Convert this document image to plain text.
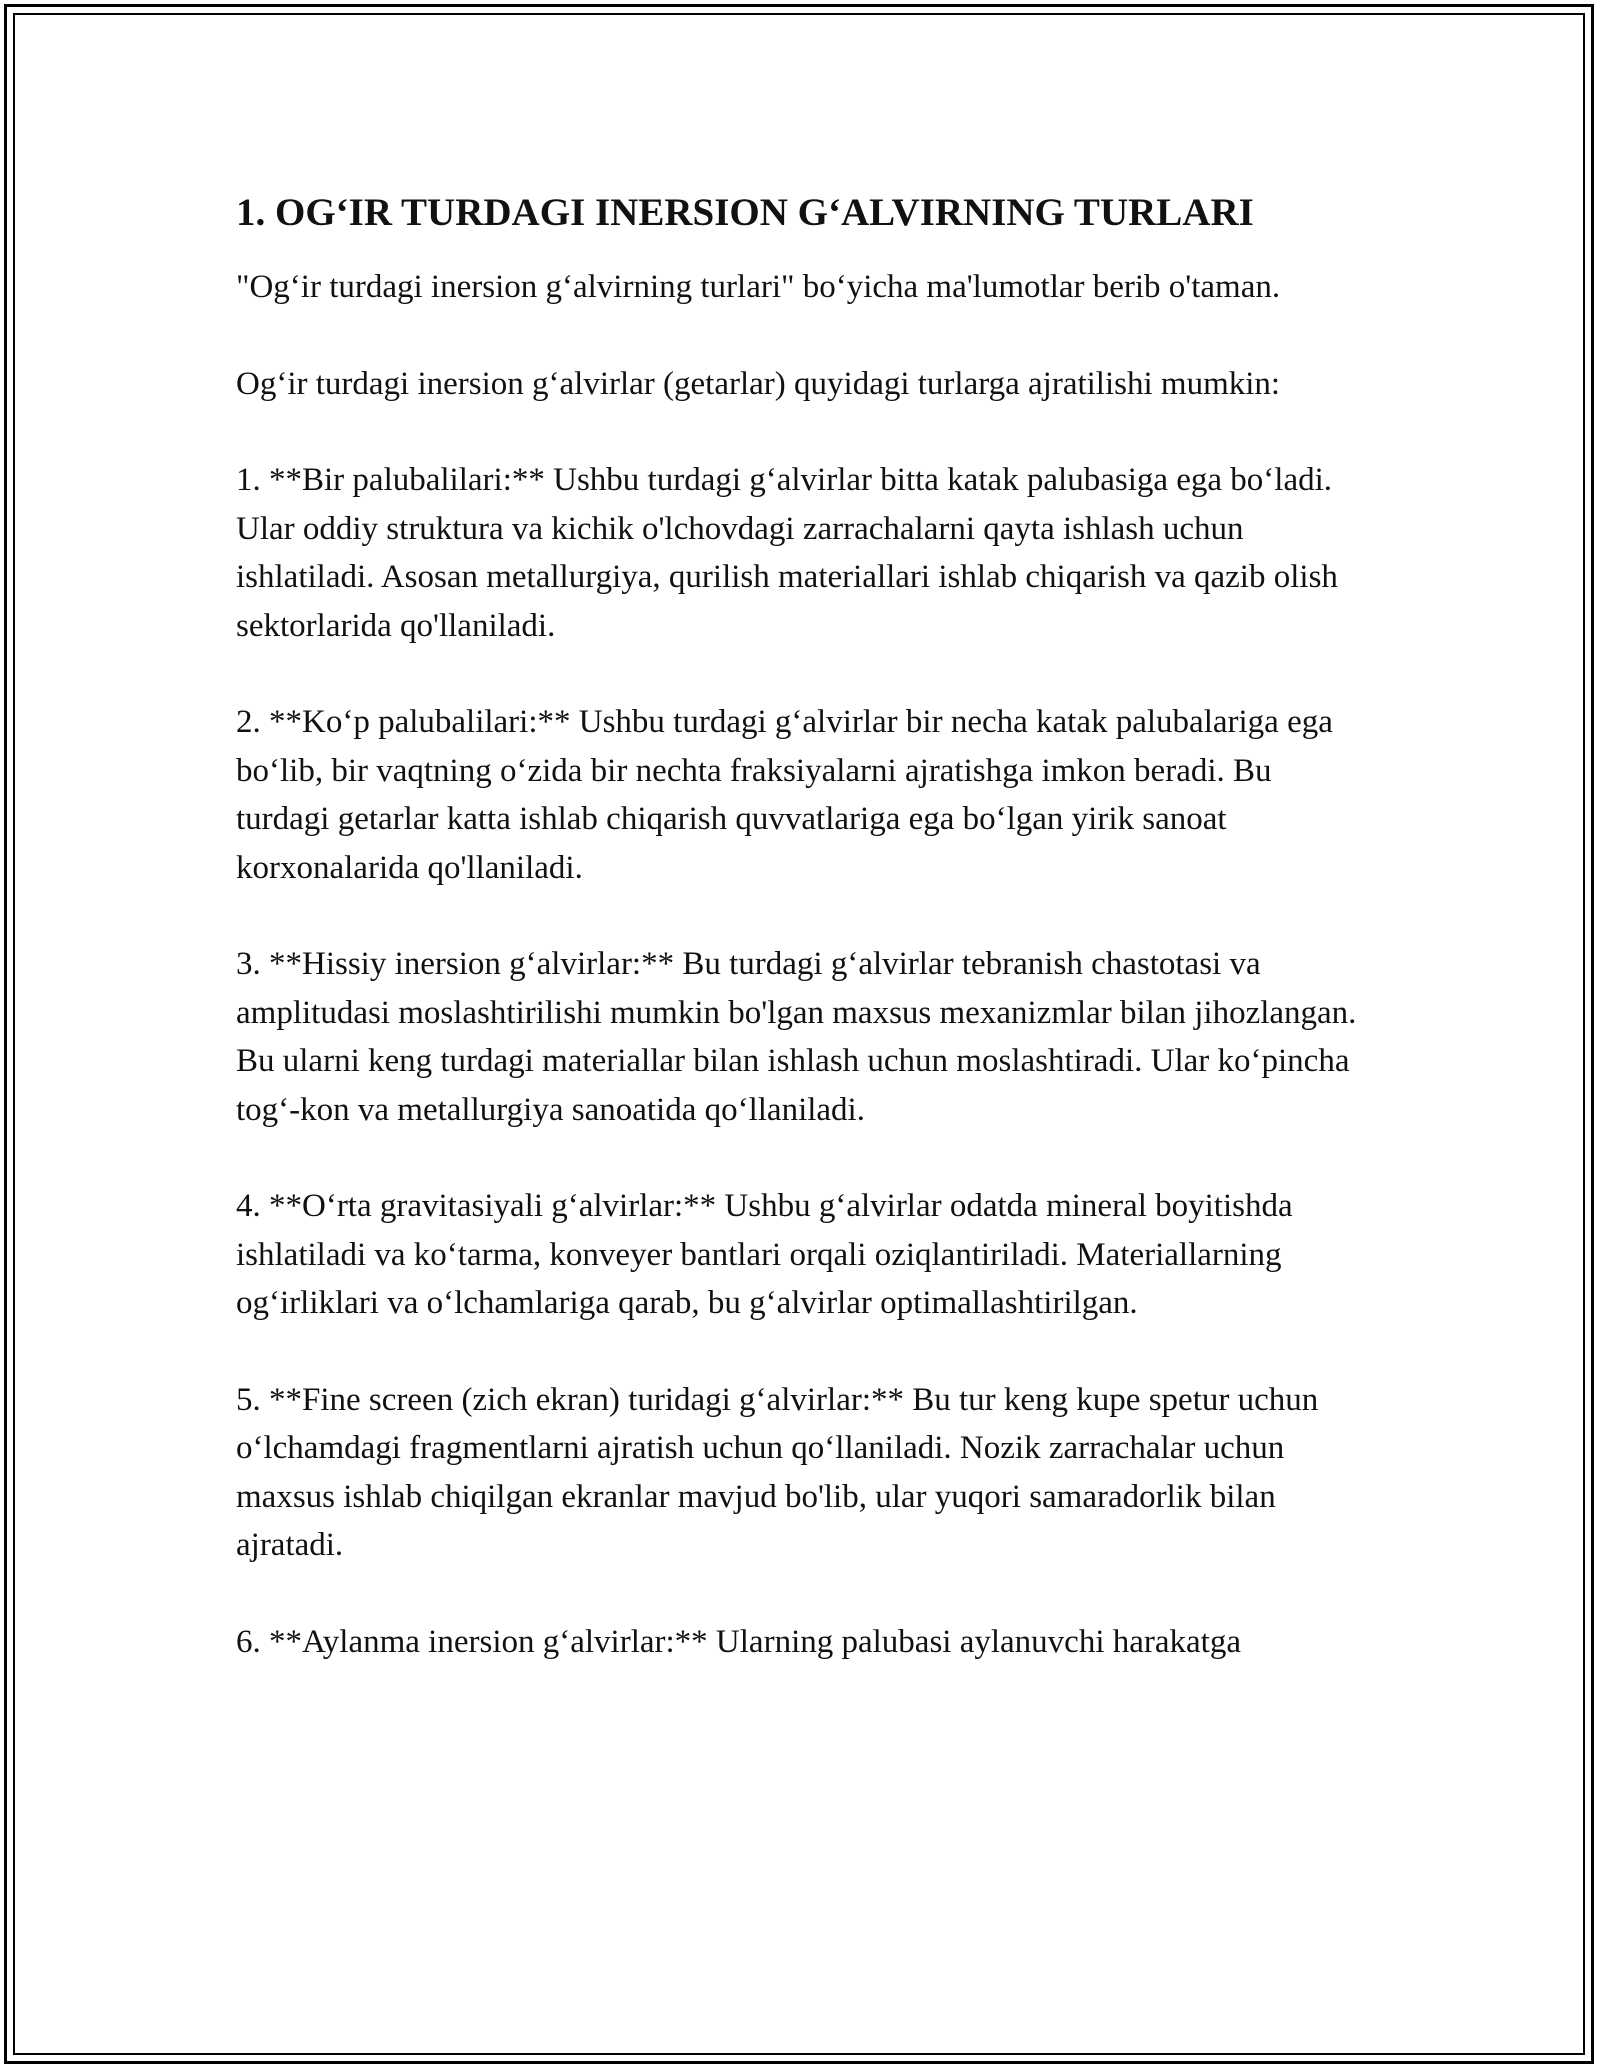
1. OG‘IR TURDAGI INERSION G‘ALVIRNING TURLARI

"Og‘ir turdagi inersion g‘alvirning turlari" bo‘yicha ma'lumotlar berib o'taman.

Og‘ir turdagi inersion g‘alvirlar (getarlar) quyidagi turlarga ajratilishi mumkin:

1. **Bir palubalilari:** Ushbu turdagi g‘alvirlar bitta katak palubasiga ega bo‘ladi. Ular oddiy struktura va kichik o'lchovdagi zarrachalarni qayta ishlash uchun ishlatiladi. Asosan metallurgiya, qurilish materiallari ishlab chiqarish va qazib olish sektorlarida qo'llaniladi.

2. **Ko‘p palubalilari:** Ushbu turdagi g‘alvirlar bir necha katak palubalariga ega bo‘lib, bir vaqtning o‘zida bir nechta fraksiyalarni ajratishga imkon beradi. Bu turdagi getarlar katta ishlab chiqarish quvvatlariga ega bo‘lgan yirik sanoat korxonalarida qo'llaniladi.

3. **Hissiy inersion g‘alvirlar:** Bu turdagi g‘alvirlar tebranish chastotasi va amplitudasi moslashtirilishi mumkin bo'lgan maxsus mexanizmlar bilan jihozlangan. Bu ularni keng turdagi materiallar bilan ishlash uchun moslashtiradi. Ular ko‘pincha tog‘-kon va metallurgiya sanoatida qo‘llaniladi.

4. **O‘rta gravitasiyali g‘alvirlar:** Ushbu g‘alvirlar odatda mineral boyitishda ishlatiladi va ko‘tarma, konveyer bantlari orqali oziqlantiriladi. Materiallarning og‘irliklari va o‘lchamlariga qarab, bu g‘alvirlar optimallashtirilgan.

5. **Fine screen (zich ekran) turidagi g‘alvirlar:** Bu tur keng kupe spetur uchun o‘lchamdagi fragmentlarni ajratish uchun qo‘llaniladi. Nozik zarrachalar uchun maxsus ishlab chiqilgan ekranlar mavjud bo'lib, ular yuqori samaradorlik bilan ajratadi.

6. **Aylanma inersion g‘alvirlar:** Ularning palubasi aylanuvchi harakatga
